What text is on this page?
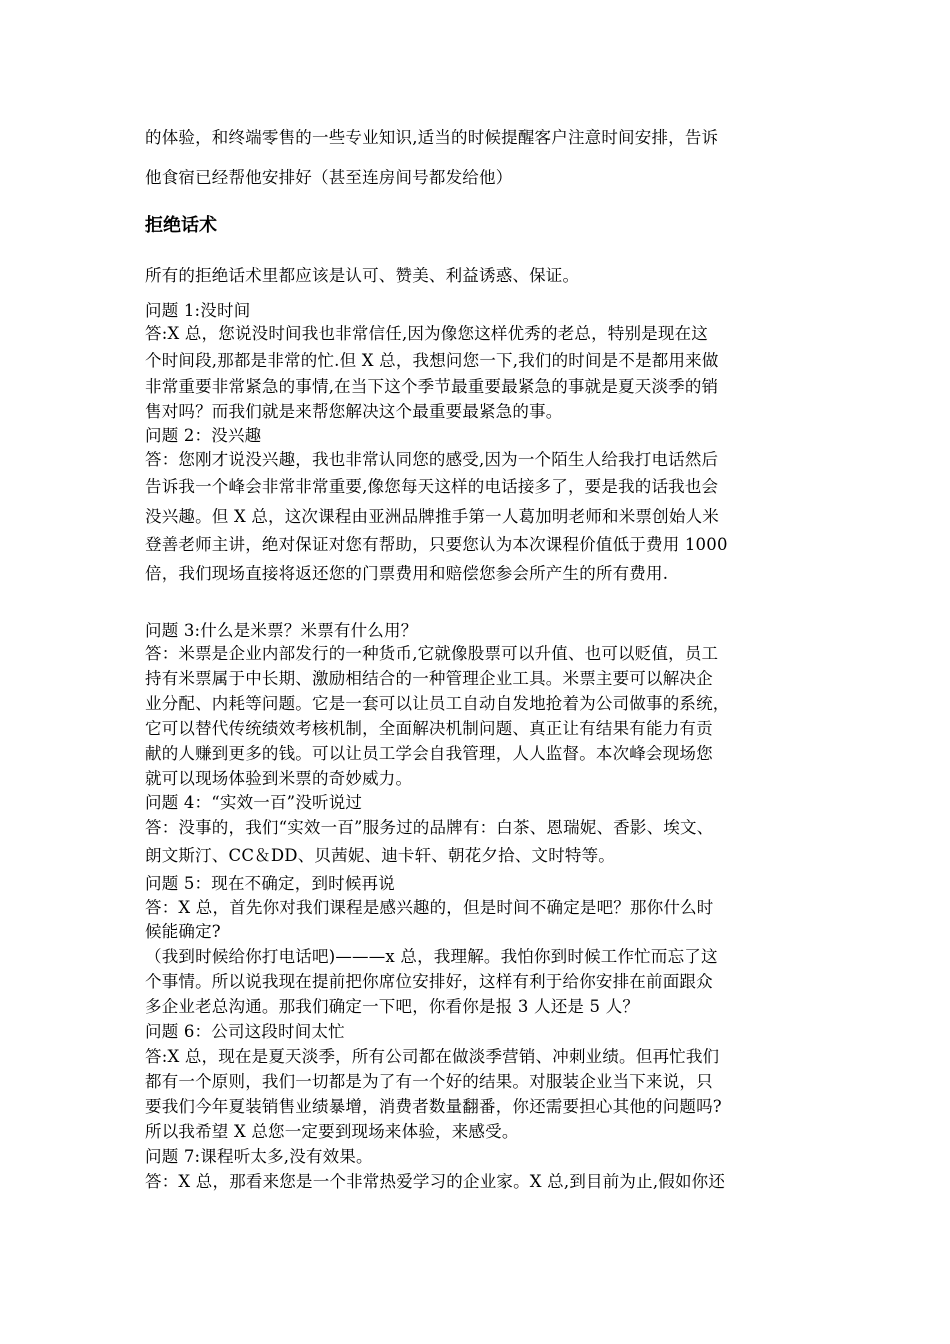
的体验，和终端零售的一些专业知识,适当的时候提醒客户注意时间安排，告诉
他食宿已经帮他安排好（甚至连房间号都发给他）
拒绝话术
所有的拒绝话术里都应该是认可、赞美、利益诱惑、保证。
问题 1:没时间
答:X 总，您说没时间我也非常信任,因为像您这样优秀的老总，特别是现在这
个时间段,那都是非常的忙.但 X 总，我想问您一下,我们的时间是不是都用来做
非常重要非常紧急的事情,在当下这个季节最重要最紧急的事就是夏天淡季的销
售对吗？而我们就是来帮您解决这个最重要最紧急的事。
问题 2：没兴趣
答：您刚才说没兴趣，我也非常认同您的感受,因为一个陌生人给我打电话然后
告诉我一个峰会非常非常重要,像您每天这样的电话接多了，要是我的话我也会
没兴趣。但 X 总，这次课程由亚洲品牌推手第一人葛加明老师和米票创始人米
登善老师主讲，绝对保证对您有帮助，只要您认为本次课程价值低于费用 1000
倍，我们现场直接将返还您的门票费用和赔偿您参会所产生的所有费用.
问题 3:什么是米票？米票有什么用？
答：米票是企业内部发行的一种货币,它就像股票可以升值、也可以贬值，员工
持有米票属于中长期、激励相结合的一种管理企业工具。米票主要可以解决企
业分配、内耗等问题。它是一套可以让员工自动自发地抢着为公司做事的系统，
它可以替代传统绩效考核机制，全面解决机制问题、真正让有结果有能力有贡
献的人赚到更多的钱。可以让员工学会自我管理，人人监督。本次峰会现场您
就可以现场体验到米票的奇妙威力。
问题 4：“实效一百”没听说过
答：没事的，我们“实效一百”服务过的品牌有：白茶、恩瑞妮、香影、埃文、
朗文斯汀、CC＆DD、贝茜妮、迪卡轩、朝花夕拾、文时特等。
问题 5：现在不确定，到时候再说
答：X 总，首先你对我们课程是感兴趣的，但是时间不确定是吧？那你什么时
候能确定?
（我到时候给你打电话吧)———x 总，我理解。我怕你到时候工作忙而忘了这
个事情。所以说我现在提前把你席位安排好，这样有利于给你安排在前面跟众
多企业老总沟通。那我们确定一下吧，你看你是报 3 人还是 5 人？
问题 6：公司这段时间太忙
答:X 总，现在是夏天淡季，所有公司都在做淡季营销、冲刺业绩。但再忙我们
都有一个原则，我们一切都是为了有一个好的结果。对服装企业当下来说，只
要我们今年夏装销售业绩暴增，消费者数量翻番，你还需要担心其他的问题吗?
所以我希望 X 总您一定要到现场来体验，来感受。
问题 7:课程听太多,没有效果。
答：X 总，那看来您是一个非常热爱学习的企业家。X 总,到目前为止,假如你还
